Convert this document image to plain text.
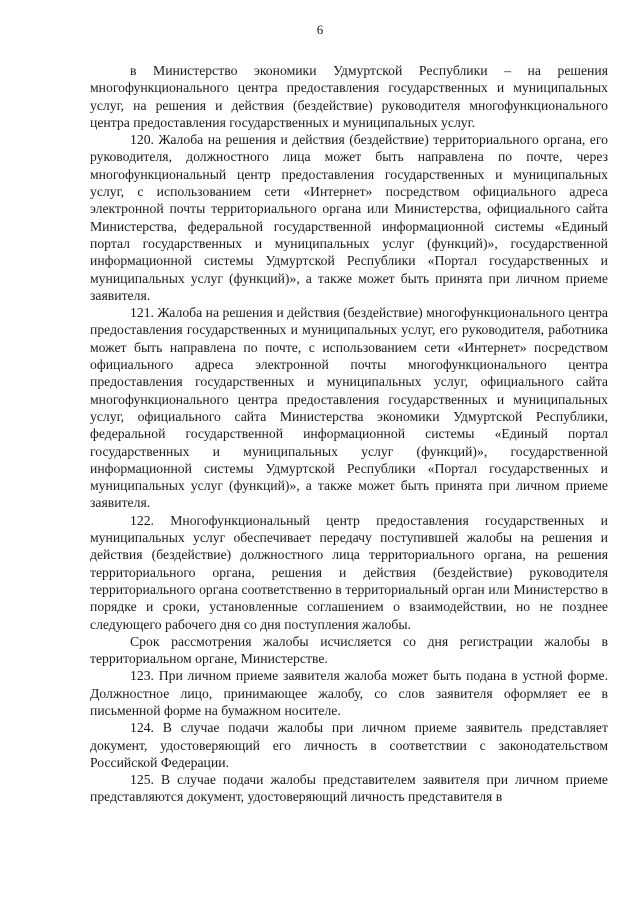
6

в Министерство экономики Удмуртской Республики – на решения многофункционального центра предоставления государственных и муниципальных услуг, на решения и действия (бездействие) руководителя многофункционального центра предоставления государственных и муниципальных услуг.

120. Жалоба на решения и действия (бездействие) территориального органа, его руководителя, должностного лица может быть направлена по почте, через многофункциональный центр предоставления государственных и муниципальных услуг, с использованием сети «Интернет» посредством официального адреса электронной почты территориального органа или Министерства, официального сайта Министерства, федеральной государственной информационной системы «Единый портал государственных и муниципальных услуг (функций)», государственной информационной системы Удмуртской Республики «Портал государственных и муниципальных услуг (функций)», а также может быть принята при личном приеме заявителя.

121. Жалоба на решения и действия (бездействие) многофункционального центра предоставления государственных и муниципальных услуг, его руководителя, работника может быть направлена по почте, с использованием сети «Интернет» посредством официального адреса электронной почты многофункционального центра предоставления государственных и муниципальных услуг, официального сайта многофункционального центра предоставления государственных и муниципальных услуг, официального сайта Министерства экономики Удмуртской Республики, федеральной государственной информационной системы «Единый портал государственных и муниципальных услуг (функций)», государственной информационной системы Удмуртской Республики «Портал государственных и муниципальных услуг (функций)», а также может быть принята при личном приеме заявителя.

122. Многофункциональный центр предоставления государственных и муниципальных услуг обеспечивает передачу поступившей жалобы на решения и действия (бездействие) должностного лица территориального органа, на решения территориального органа, решения и действия (бездействие) руководителя территориального органа соответственно в территориальный орган или Министерство в порядке и сроки, установленные соглашением о взаимодействии, но не позднее следующего рабочего дня со дня поступления жалобы.

Срок рассмотрения жалобы исчисляется со дня регистрации жалобы в территориальном органе, Министерстве.

123. При личном приеме заявителя жалоба может быть подана в устной форме. Должностное лицо, принимающее жалобу, со слов заявителя оформляет ее в письменной форме на бумажном носителе.

124. В случае подачи жалобы при личном приеме заявитель представляет документ, удостоверяющий его личность в соответствии с законодательством Российской Федерации.

125. В случае подачи жалобы представителем заявителя при личном приеме представляются документ, удостоверяющий личность представителя в
